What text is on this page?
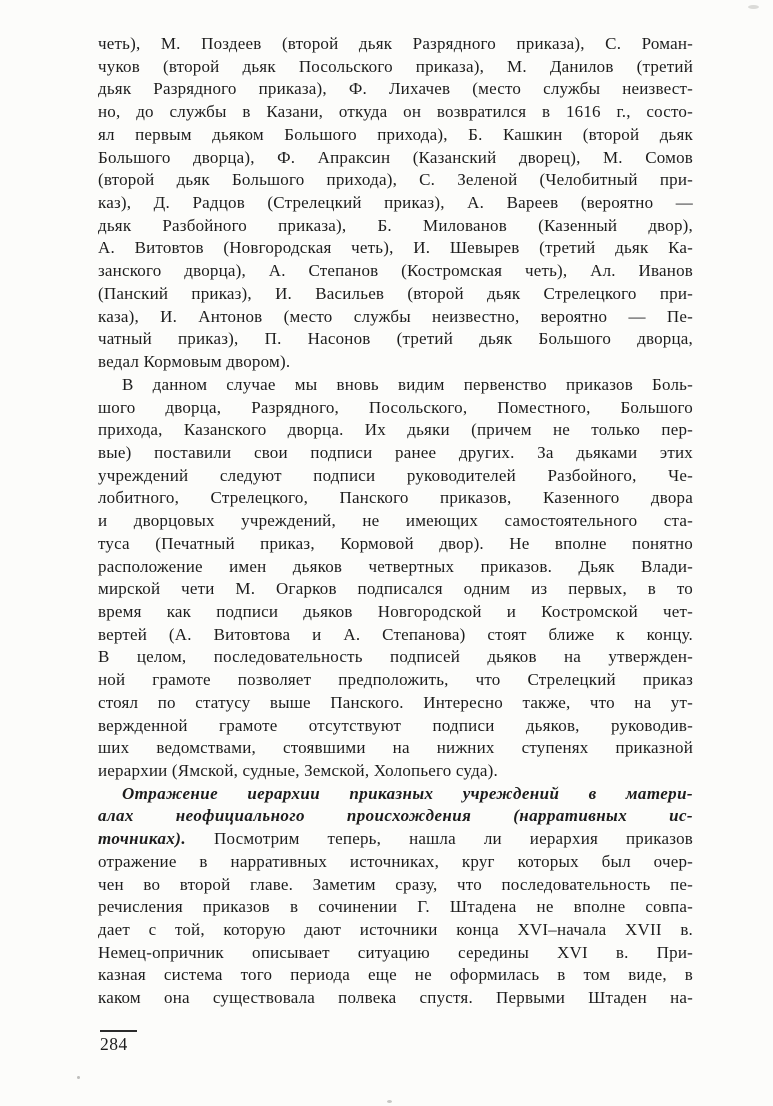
четь), М. Поздеев (второй дьяк Разрядного приказа), С. Роман-
чуков (второй дьяк Посольского приказа), М. Данилов (третий
дьяк Разрядного приказа), Ф. Лихачев (место службы неизвест-
но, до службы в Казани, откуда он возвратился в 1616 г., состо-
ял первым дьяком Большого прихода), Б. Кашкин (второй дьяк
Большого дворца), Ф. Апраксин (Казанский дворец), М. Сомов
(второй дьяк Большого прихода), С. Зеленой (Челобитный при-
каз), Д. Радцов (Стрелецкий приказ), А. Вареев (вероятно —
дьяк Разбойного приказа), Б. Милованов (Казенный двор),
А. Витовтов (Новгородская четь), И. Шевырев (третий дьяк Ка-
занского дворца), А. Степанов (Костромская четь), Ал. Иванов
(Панский приказ), И. Васильев (второй дьяк Стрелецкого при-
каза), И. Антонов (место службы неизвестно, вероятно — Пе-
чатный приказ), П. Насонов (третий дьяк Большого дворца,
ведал Кормовым двором).
В данном случае мы вновь видим первенство приказов Боль-
шого дворца, Разрядного, Посольского, Поместного, Большого
прихода, Казанского дворца. Их дьяки (причем не только пер-
вые) поставили свои подписи ранее других. За дьяками этих
учреждений следуют подписи руководителей Разбойного, Че-
лобитного, Стрелецкого, Панского приказов, Казенного двора
и дворцовых учреждений, не имеющих самостоятельного ста-
туса (Печатный приказ, Кормовой двор). Не вполне понятно
расположение имен дьяков четвертных приказов. Дьяк Влади-
мирской чети М. Огарков подписался одним из первых, в то
время как подписи дьяков Новгородской и Костромской чет-
вертей (А. Витовтова и А. Степанова) стоят ближе к концу.
В целом, последовательность подписей дьяков на утвержден-
ной грамоте позволяет предположить, что Стрелецкий приказ
стоял по статусу выше Панского. Интересно также, что на ут-
вержденной грамоте отсутствуют подписи дьяков, руководив-
ших ведомствами, стоявшими на нижних ступенях приказной
иерархии (Ямской, судные, Земской, Холопьего суда).
Отражение иерархии приказных учреждений в матери-
алах неофициального происхождения (нарративных ис-
точниках). Посмотрим теперь, нашла ли иерархия приказов
отражение в нарративных источниках, круг которых был очер-
чен во второй главе. Заметим сразу, что последовательность пе-
речисления приказов в сочинении Г. Штадена не вполне совпа-
дает с той, которую дают источники конца XVI–начала XVII в.
Немец-опричник описывает ситуацию середины XVI в. При-
казная система того периода еще не оформилась в том виде, в
каком она существовала полвека спустя. Первыми Штаден на-
284
